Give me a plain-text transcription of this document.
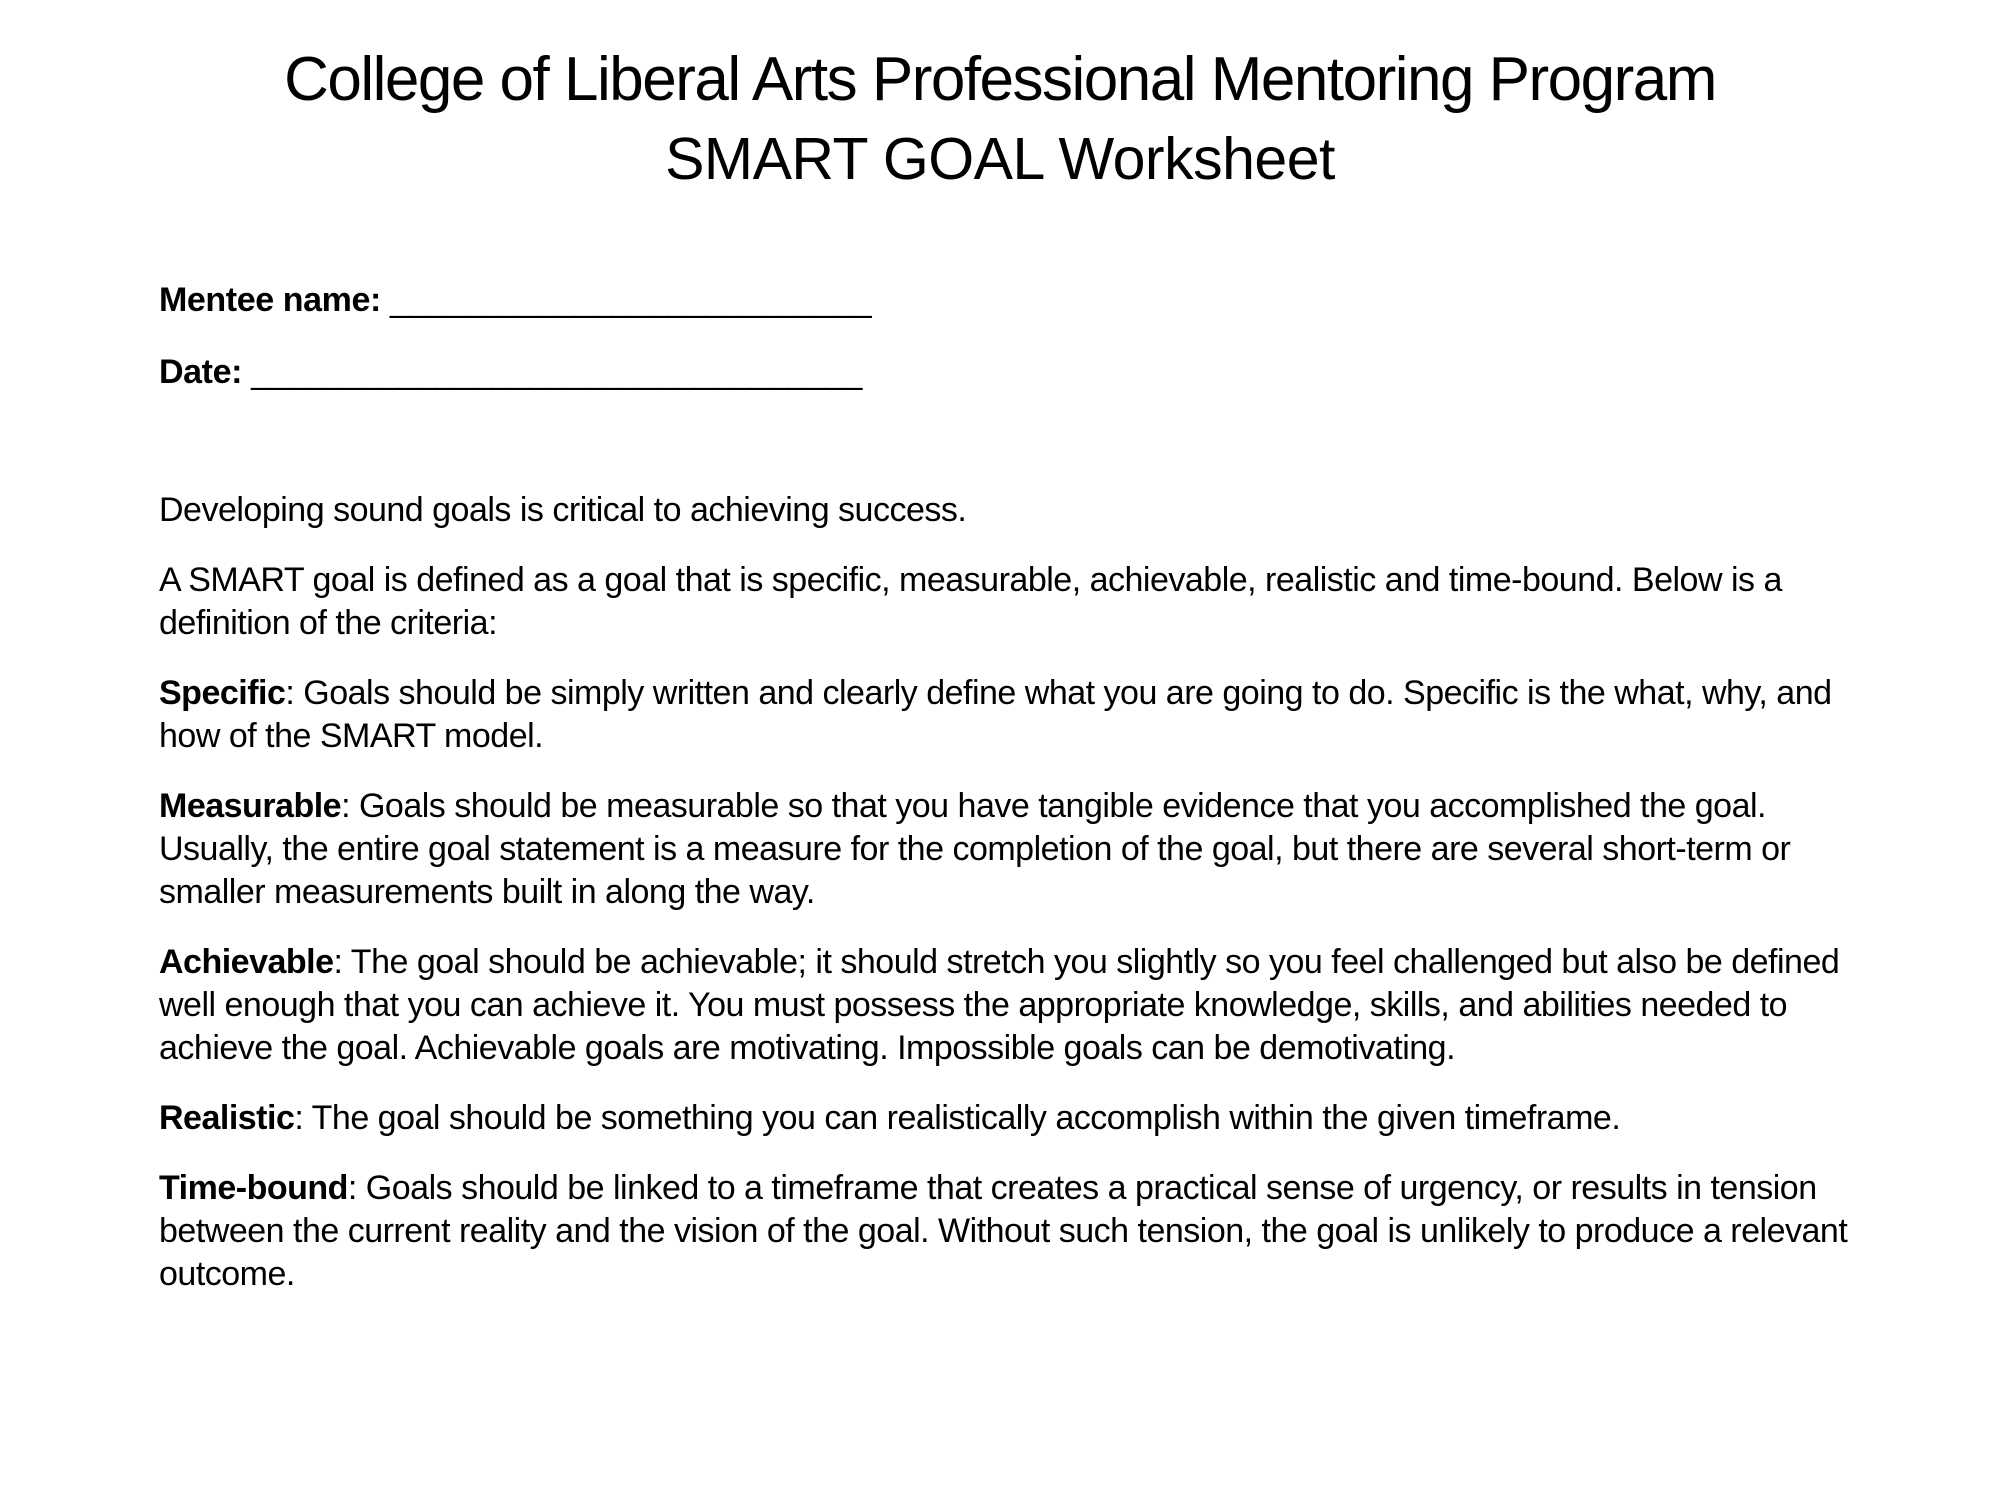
College of Liberal Arts Professional Mentoring Program
SMART GOAL Worksheet
Mentee name: __________________________
Date: _________________________________

Developing sound goals is critical to achieving success.

A SMART goal is defined as a goal that is specific, measurable, achievable, realistic and time-bound. Below is a definition of the criteria:

Specific: Goals should be simply written and clearly define what you are going to do. Specific is the what, why, and how of the SMART model.

Measurable: Goals should be measurable so that you have tangible evidence that you accomplished the goal. Usually, the entire goal statement is a measure for the completion of the goal, but there are several short-term or smaller measurements built in along the way.

Achievable: The goal should be achievable; it should stretch you slightly so you feel challenged but also be defined well enough that you can achieve it. You must possess the appropriate knowledge, skills, and abilities needed to achieve the goal. Achievable goals are motivating. Impossible goals can be demotivating.

Realistic: The goal should be something you can realistically accomplish within the given timeframe.

Time-bound: Goals should be linked to a timeframe that creates a practical sense of urgency, or results in tension between the current reality and the vision of the goal. Without such tension, the goal is unlikely to produce a relevant outcome.
